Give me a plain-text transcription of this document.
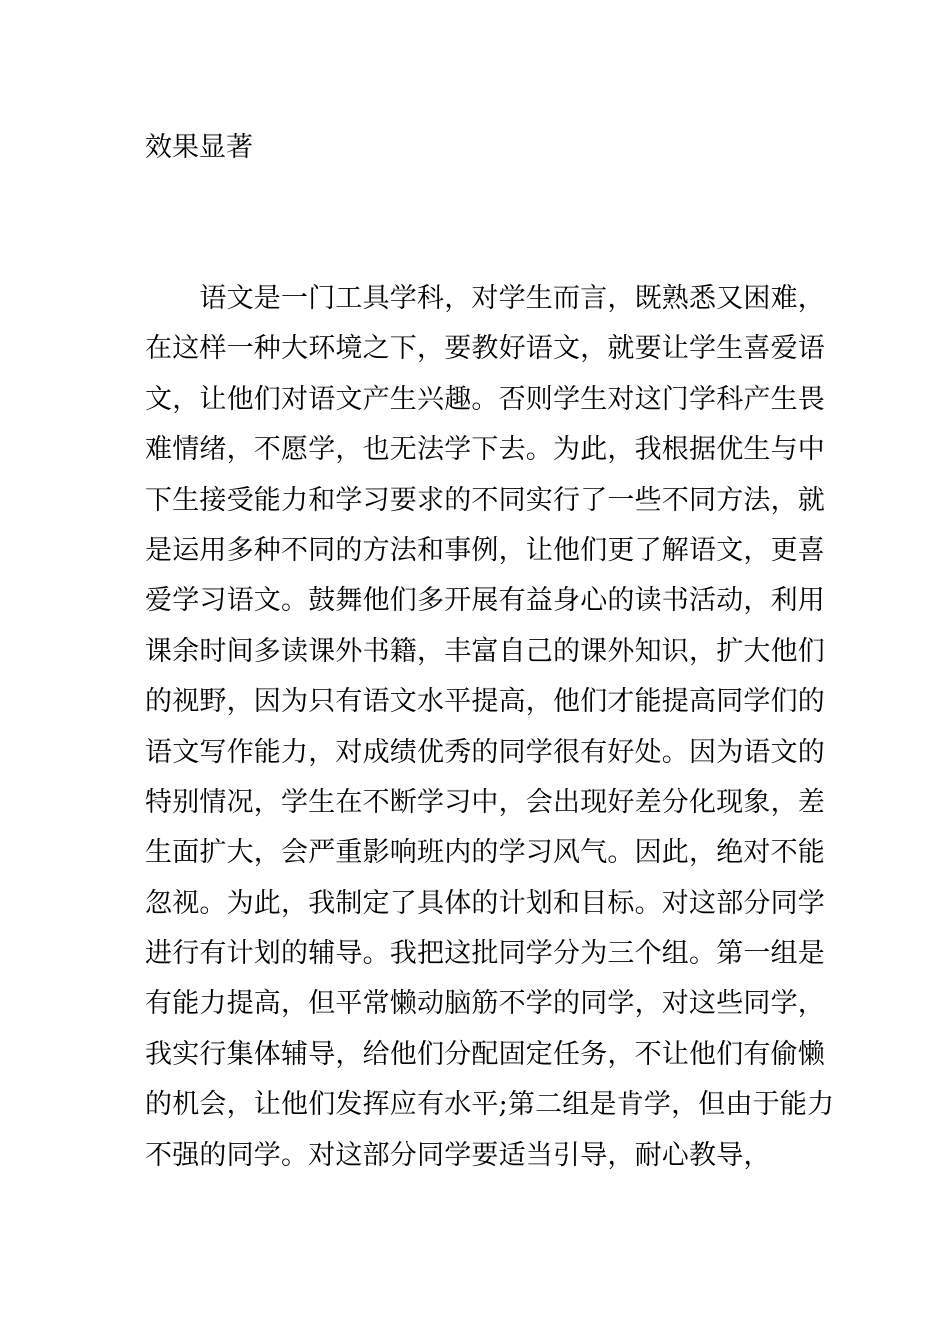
效果显著

　　语文是一门工具学科，对学生而言，既熟悉又困难，

在这样一种大环境之下，要教好语文，就要让学生喜爱语

文，让他们对语文产生兴趣。否则学生对这门学科产生畏

难情绪，不愿学，也无法学下去。为此，我根据优生与中

下生接受能力和学习要求的不同实行了一些不同方法，就

是运用多种不同的方法和事例，让他们更了解语文，更喜

爱学习语文。鼓舞他们多开展有益身心的读书活动，利用

课余时间多读课外书籍，丰富自己的课外知识，扩大他们

的视野，因为只有语文水平提高，他们才能提高同学们的

语文写作能力，对成绩优秀的同学很有好处。因为语文的

特别情况，学生在不断学习中，会出现好差分化现象，差

生面扩大，会严重影响班内的学习风气。因此，绝对不能

忽视。为此，我制定了具体的计划和目标。对这部分同学

进行有计划的辅导。我把这批同学分为三个组。第一组是

有能力提高，但平常懒动脑筋不学的同学，对这些同学，

我实行集体辅导，给他们分配固定任务，不让他们有偷懒

的机会，让他们发挥应有水平;第二组是肯学，但由于能力

不强的同学。对这部分同学要适当引导，耐心教导，
